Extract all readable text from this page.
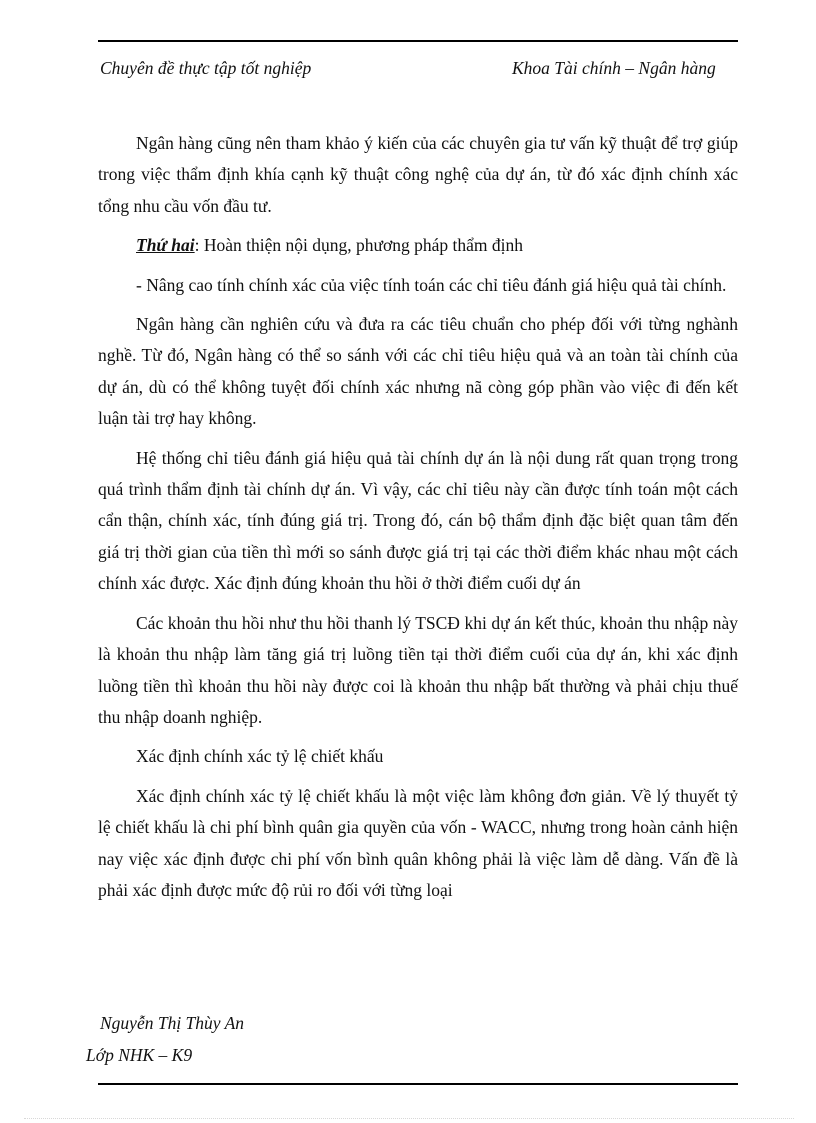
Chuyên đề thực tập tốt nghiệp	Khoa Tài chính – Ngân hàng

Ngân hàng cũng nên tham khảo ý kiến của các chuyên gia tư vấn kỹ thuật để trợ giúp trong việc thẩm định khía cạnh kỹ thuật công nghệ của dự án, từ đó xác định chính xác tổng nhu cầu vốn đầu tư.

Thứ hai: Hoàn thiện nội dụng, phương pháp thẩm định

- Nâng cao tính chính xác của việc tính toán các chỉ tiêu đánh giá hiệu quả tài chính.

Ngân hàng cần nghiên cứu và đưa ra các tiêu chuẩn cho phép đối với từng nghành nghề. Từ đó, Ngân hàng có thể so sánh với các chỉ tiêu hiệu quả và an toàn tài chính của dự án, dù có thể không tuyệt đối chính xác nhưng nã còng góp phần vào việc đi đến kết luận tài trợ hay không.

Hệ thống chỉ tiêu đánh giá hiệu quả tài chính dự án là nội dung rất quan trọng trong quá trình thẩm định tài chính dự án. Vì vậy, các chỉ tiêu này cần được tính toán một cách cẩn thận, chính xác, tính đúng giá trị. Trong đó, cán bộ thẩm định đặc biệt quan tâm đến giá trị thời gian của tiền thì mới so sánh được giá trị tại các thời điểm khác nhau một cách chính xác được. Xác định đúng khoản thu hồi ở thời điểm cuối dự án

Các khoản thu hồi như thu hồi thanh lý TSCĐ khi dự án kết thúc, khoản thu nhập này là khoản thu nhập làm tăng giá trị luồng tiền tại thời điểm cuối của dự án, khi xác định luồng tiền thì khoản thu hồi này được coi là khoản thu nhập bất thường và phải chịu thuế thu nhập doanh nghiệp.

Xác định chính xác tỷ lệ chiết khấu

Xác định chính xác tỷ lệ chiết khấu là một việc làm không đơn giản. Về lý thuyết tỷ lệ chiết khấu là chi phí bình quân gia quyền của vốn - WACC, nhưng trong hoàn cảnh hiện nay việc xác định được chi phí vốn bình quân không phải là việc làm dễ dàng. Vấn đề là phải xác định được mức độ rủi ro đối với từng loại

Nguyễn Thị Thùy An
Lớp NHK – K9
